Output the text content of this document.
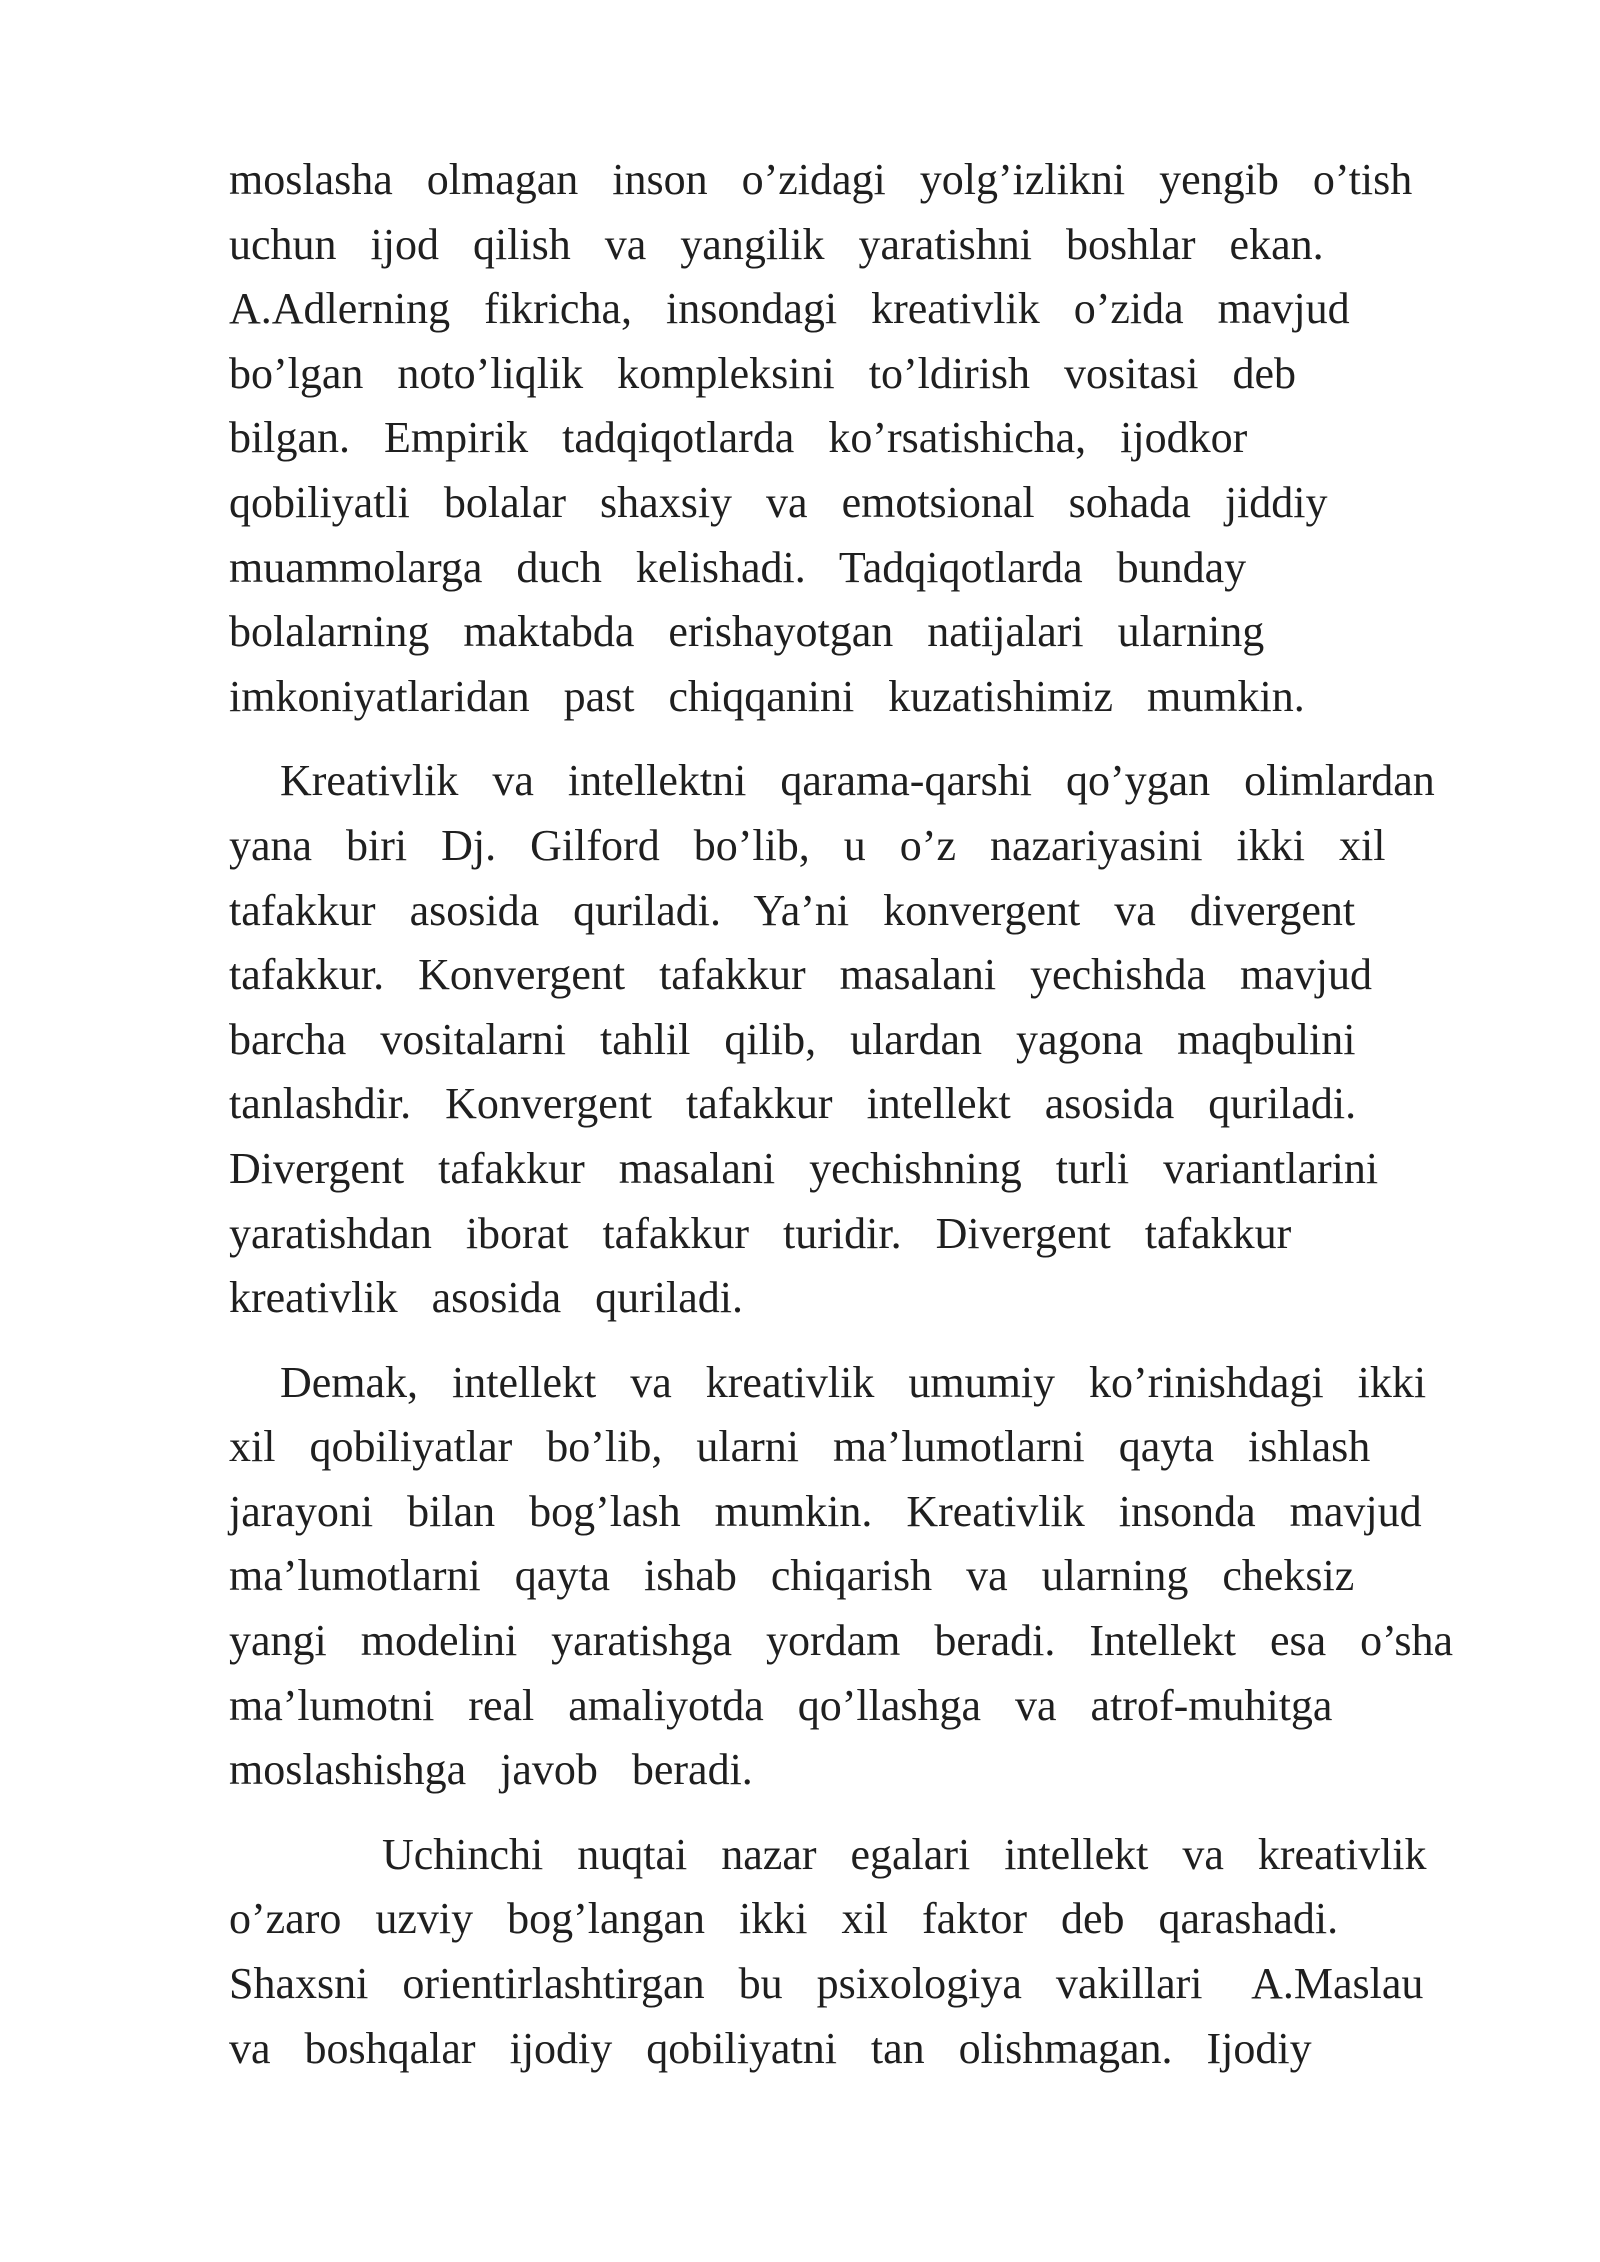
moslasha  olmagan  inson  o’zidagi  yolg’izlikni  yengib  o’tish
uchun  ijod  qilish  va  yangilik  yaratishni  boshlar  ekan.
A.Adlerning  fikricha,  insondagi  kreativlik  o’zida  mavjud
bo’lgan  noto’liqlik  kompleksini  to’ldirish  vositasi  deb
bilgan.  Empirik  tadqiqotlarda  ko’rsatishicha,  ijodkor
qobiliyatli  bolalar  shaxsiy  va  emotsional  sohada  jiddiy
muammolarga  duch  kelishadi.  Tadqiqotlarda  bunday
bolalarning  maktabda  erishayotgan  natijalari  ularning
imkoniyatlaridan  past  chiqqanini  kuzatishimiz  mumkin.

Kreativlik  va  intellektni  qarama-qarshi  qo’ygan  olimlardan
yana  biri  Dj.  Gilford  bo’lib,  u  o’z  nazariyasini  ikki  xil
tafakkur  asosida  quriladi.  Ya’ni  konvergent  va  divergent
tafakkur.  Konvergent  tafakkur  masalani  yechishda  mavjud
barcha  vositalarni  tahlil  qilib,  ulardan  yagona  maqbulini
tanlashdir.  Konvergent  tafakkur  intellekt  asosida  quriladi.
Divergent  tafakkur  masalani  yechishning  turli  variantlarini
yaratishdan  iborat  tafakkur  turidir.  Divergent  tafakkur
kreativlik  asosida  quriladi.

Demak,  intellekt  va  kreativlik  umumiy  ko’rinishdagi  ikki
xil  qobiliyatlar  bo’lib,  ularni  ma’lumotlarni  qayta  ishlash
jarayoni  bilan  bog’lash  mumkin.  Kreativlik  insonda  mavjud
ma’lumotlarni  qayta  ishab  chiqarish  va  ularning  cheksiz
yangi  modelini  yaratishga  yordam  beradi.  Intellekt  esa  o’sha
ma’lumotni  real  amaliyotda  qo’llashga  va  atrof-muhitga
moslashishga  javob  beradi.

Uchinchi  nuqtai  nazar  egalari  intellekt  va  kreativlik
o’zaro  uzviy  bog’langan  ikki  xil  faktor  deb  qarashadi.
Shaxsni  orientirlashtirgan  bu  psixologiya  vakillari   A.Maslau
va  boshqalar  ijodiy  qobiliyatni  tan  olishmagan.  Ijodiy
